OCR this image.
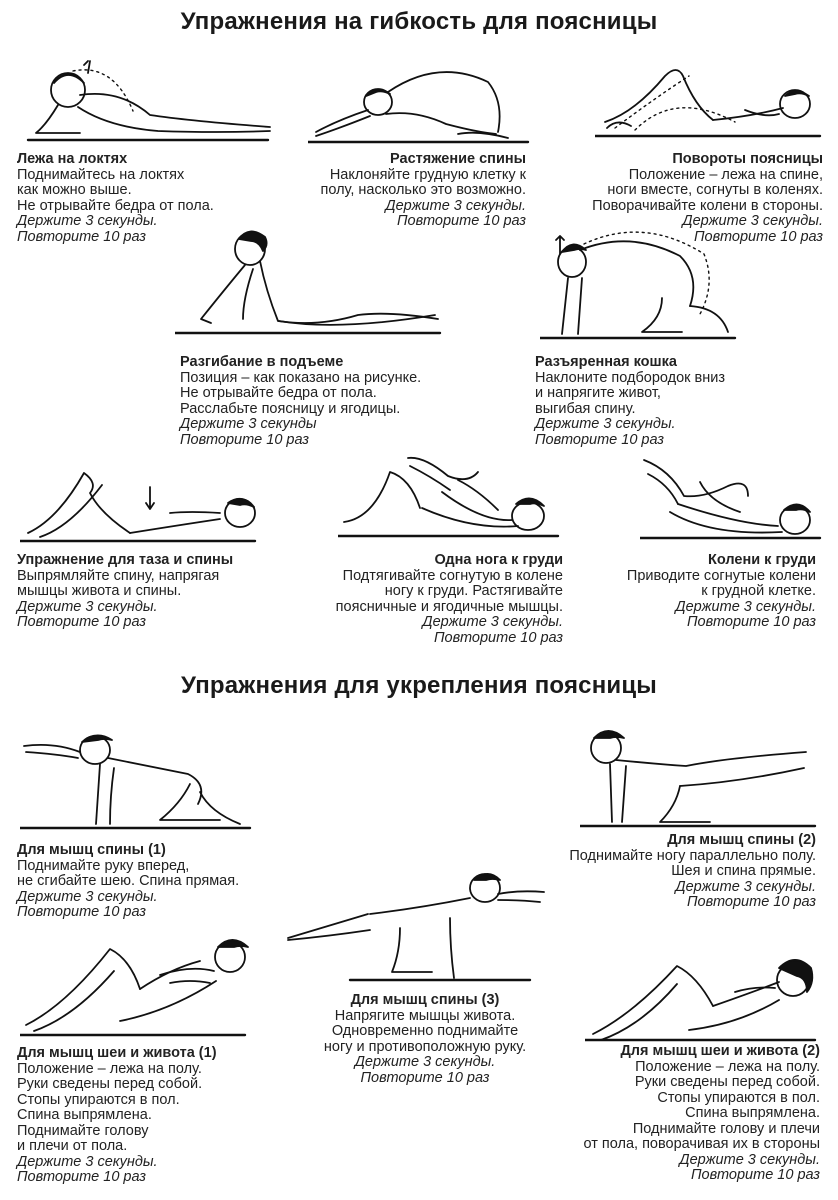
Упражнения на гибкость для поясницы
Упражнения для укрепления поясницы
Лежа на локтях
Поднимайтесь на локтях
как можно выше.
Не отрывайте бедра от пола.
Держите 3 секунды.
Повторите 10 раз
Растяжение спины
Наклоняйте грудную клетку к
полу, насколько это возможно.
Держите 3 секунды.
Повторите 10 раз
Повороты поясницы
Положение – лежа на спине,
ноги вместе, согнуты в коленях.
Поворачивайте колени в стороны.
Держите 3 секунды.
Повторите 10 раз
Разгибание в подъеме
Позиция – как показано на рисунке.
Не отрывайте бедра от пола.
Расслабьте поясницу и ягодицы.
Держите 3 секунды
Повторите 10 раз
Разъяренная кошка
Наклоните подбородок вниз
и напрягите живот,
выгибая спину.
Держите 3 секунды.
Повторите 10 раз
Упражнение для таза и спины
Выпрямляйте спину, напрягая
мышцы живота и спины.
Держите 3 секунды.
Повторите 10 раз
Одна нога к груди
Подтягивайте согнутую в колене
ногу к груди. Растягивайте
поясничные и ягодичные мышцы.
Держите 3 секунды.
Повторите 10 раз
Колени к груди
Приводите согнутые колени
к грудной клетке.
Держите 3 секунды.
Повторите 10 раз
Для мышц спины (1)
Поднимайте руку вперед,
не сгибайте шею. Спина прямая.
Держите 3 секунды.
Повторите 10 раз
Для мышц спины (2)
Поднимайте ногу параллельно полу.
Шея и спина прямые.
Держите 3 секунды.
Повторите 10 раз
Для мышц спины (3)
Напрягите мышцы живота.
Одновременно поднимайте
ногу и противоположную руку.
Держите 3 секунды.
Повторите 10 раз
Для мышц шеи и живота (1)
Положение – лежа на полу.
Руки сведены перед собой.
Стопы упираются в пол.
Спина выпрямлена.
Поднимайте голову
и плечи от пола.
Держите 3 секунды.
Повторите 10 раз
Для мышц шеи и живота (2)
Положение – лежа на полу.
Руки сведены перед собой.
Стопы упираются в пол.
Спина выпрямлена.
Поднимайте голову и плечи
от пола, поворачивая их в стороны
Держите 3 секунды.
Повторите 10 раз
